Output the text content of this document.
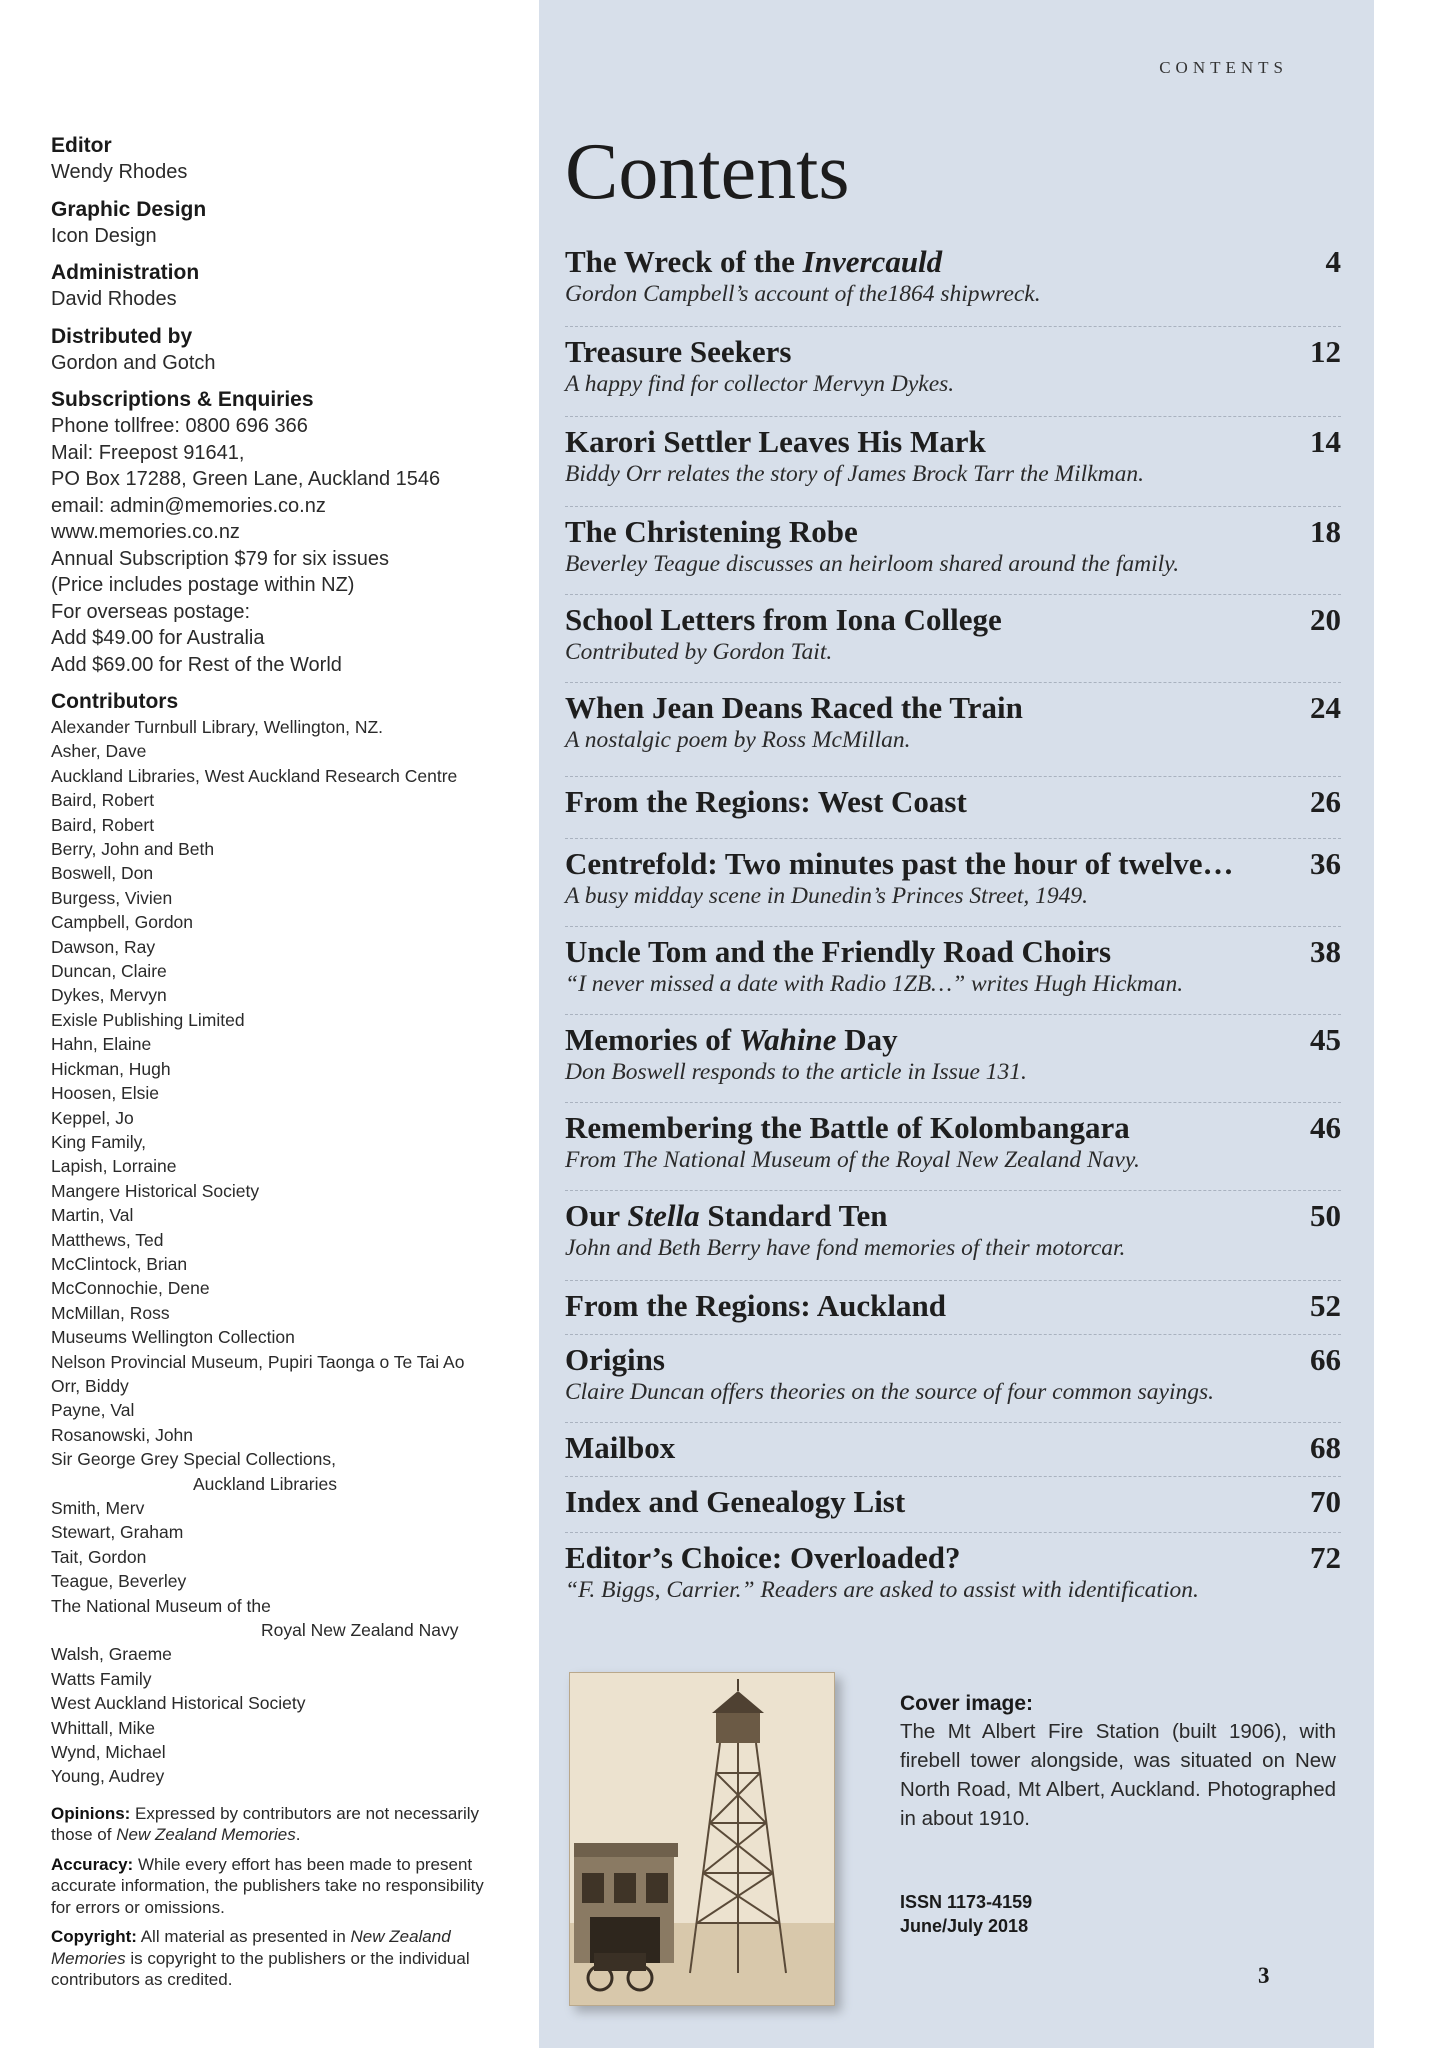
Editor
Wendy Rhodes
Graphic Design
Icon Design
Administration
David Rhodes
Distributed by
Gordon and Gotch
Subscriptions & Enquiries
Phone tollfree: 0800 696 366
Mail: Freepost 91641,
PO Box 17288, Green Lane, Auckland 1546
email: admin@memories.co.nz
www.memories.co.nz
Annual Subscription $79 for six issues
(Price includes postage within NZ)
For overseas postage:
Add $49.00 for Australia
Add $69.00 for Rest of the World
Contributors
Alexander Turnbull Library, Wellington, NZ.
Asher, Dave
Auckland Libraries, West Auckland Research Centre
Baird, Robert
Baird, Robert
Berry, John and Beth
Boswell, Don
Burgess, Vivien
Campbell, Gordon
Dawson, Ray
Duncan, Claire
Dykes, Mervyn
Exisle Publishing Limited
Hahn, Elaine
Hickman, Hugh
Hoosen, Elsie
Keppel, Jo
King Family,
Lapish, Lorraine
Mangere Historical Society
Martin, Val
Matthews, Ted
McClintock, Brian
McConnochie, Dene
McMillan, Ross
Museums Wellington Collection
Nelson Provincial Museum, Pupiri Taonga o Te Tai Ao
Orr, Biddy
Payne, Val
Rosanowski, John
Sir George Grey Special Collections,
Auckland Libraries
Smith, Merv
Stewart, Graham
Tait, Gordon
Teague, Beverley
The National Museum of the
Royal New Zealand Navy
Walsh, Graeme
Watts Family
West Auckland Historical Society
Whittall, Mike
Wynd, Michael
Young, Audrey

Opinions: Expressed by contributors are not necessarily those of New Zealand Memories.

Accuracy: While every effort has been made to present accurate information, the publishers take no responsibility for errors or omissions.

Copyright: All material as presented in New Zealand Memories is copyright to the publishers or the individual contributors as credited.

CONTENTS
Contents
The Wreck of the Invercauld	4
Gordon Campbell’s account of the1864 shipwreck.
Treasure Seekers	12
A happy find for collector Mervyn Dykes.
Karori Settler Leaves His Mark	14
Biddy Orr relates the story of James Brock Tarr the Milkman.
The Christening Robe	18
Beverley Teague discusses an heirloom shared around the family.
School Letters from Iona College	20
Contributed by Gordon Tait.
When Jean Deans Raced the Train	24
A nostalgic poem by Ross McMillan.
From the Regions: West Coast	26
Centrefold: Two minutes past the hour of twelve…	36
A busy midday scene in Dunedin’s Princes Street, 1949.
Uncle Tom and the Friendly Road Choirs	38
“I never missed a date with Radio 1ZB…” writes Hugh Hickman.
Memories of Wahine Day	45
Don Boswell responds to the article in Issue 131.
Remembering the Battle of Kolombangara	46
From The National Museum of the Royal New Zealand Navy.
Our Stella Standard Ten	50
John and Beth Berry have fond memories of their motorcar.
From the Regions: Auckland	52
Origins	66
Claire Duncan offers theories on the source of four common sayings.
Mailbox	68
Index and Genealogy List	70
Editor’s Choice: Overloaded?	72
“F. Biggs, Carrier.” Readers are asked to assist with identification.
Cover image:
The Mt Albert Fire Station (built 1906), with firebell tower alongside, was situated on New North Road, Mt Albert, Auckland. Photographed in about 1910.
ISSN 1173-4159
June/July 2018
3
